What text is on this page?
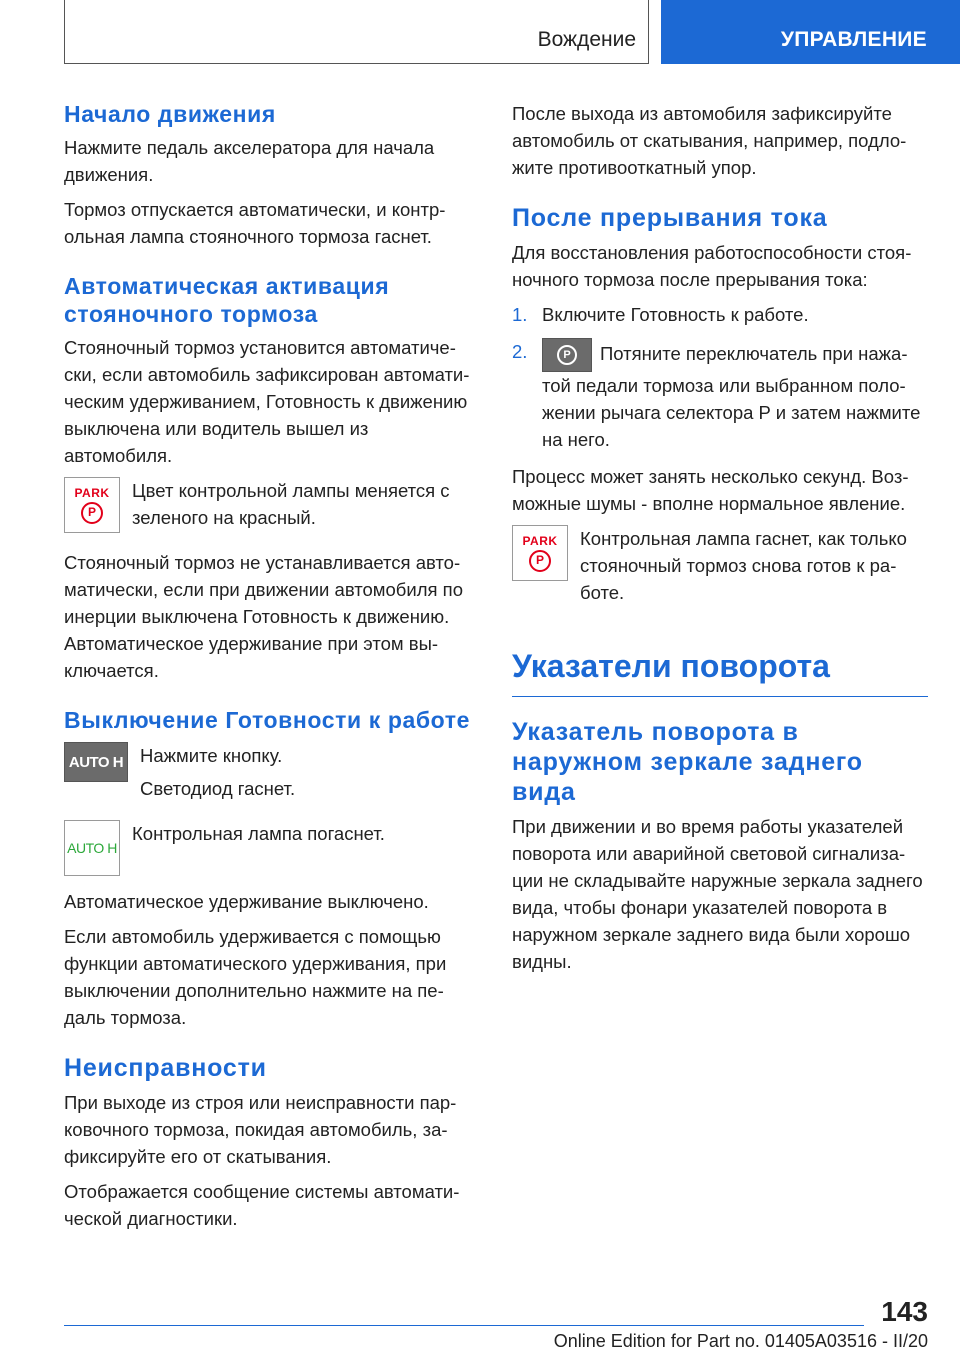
Вождение	УПРАВЛЕНИЕ
Начало движения

Нажмите педаль акселератора для начала движения.

Тормоз отпускается автоматически, и контрольная лампа стояночного тормоза гаснет.

Автоматическая активация стояночного тормоза

Стояночный тормоз установится автоматически, если автомобиль зафиксирован автоматическим удерживанием, Готовность к движению выключена или водитель вышел из автомобиля.

PARK
P

Цвет контрольной лампы меняется с зеленого на красный.

Стояночный тормоз не устанавливается автоматически, если при движении автомобиля по инерции выключена Готовность к движению. Автоматическое удерживание при этом выключается.

Выключение Готовности к работе
AUTO H Нажмите кнопку.

Светодиод гаснет.

AUTO H

Контрольная лампа погаснет.

Автоматическое удерживание выключено.

Если автомобиль удерживается с помощью функции автоматического удерживания, при выключении дополнительно нажмите на педаль тормоза.

Неисправности

При выходе из строя или неисправности парковочного тормоза, покидая автомобиль, зафиксируйте его от скатывания.

Отображается сообщение системы автоматической диагностики.

После выхода из автомобиля зафиксируйте автомобиль от скатывания, например, подложите противооткатный упор.

После прерывания тока

Для восстановления работоспособности стояночного тормоза после прерывания тока:

1. Включите Готовность к работе.
2.	P	Потяните переключатель при нажатой педали тормоза или выбранном положении рычага селектора P и затем нажмите на него.

Процесс может занять несколько секунд. Возможные шумы - вполне нормальное явление.

PARK
P

Контрольная лампа гаснет, как только стояночный тормоз снова готов к работе.

Указатели поворота
Указатель поворота в наружном зеркале заднего вида

При движении и во время работы указателей поворота или аварийной световой сигнализации не складывайте наружные зеркала заднего вида, чтобы фонари указателей поворота в наружном зеркале заднего вида были хорошо видны.

143
Online Edition for Part no. 01405A03516 - II/20
